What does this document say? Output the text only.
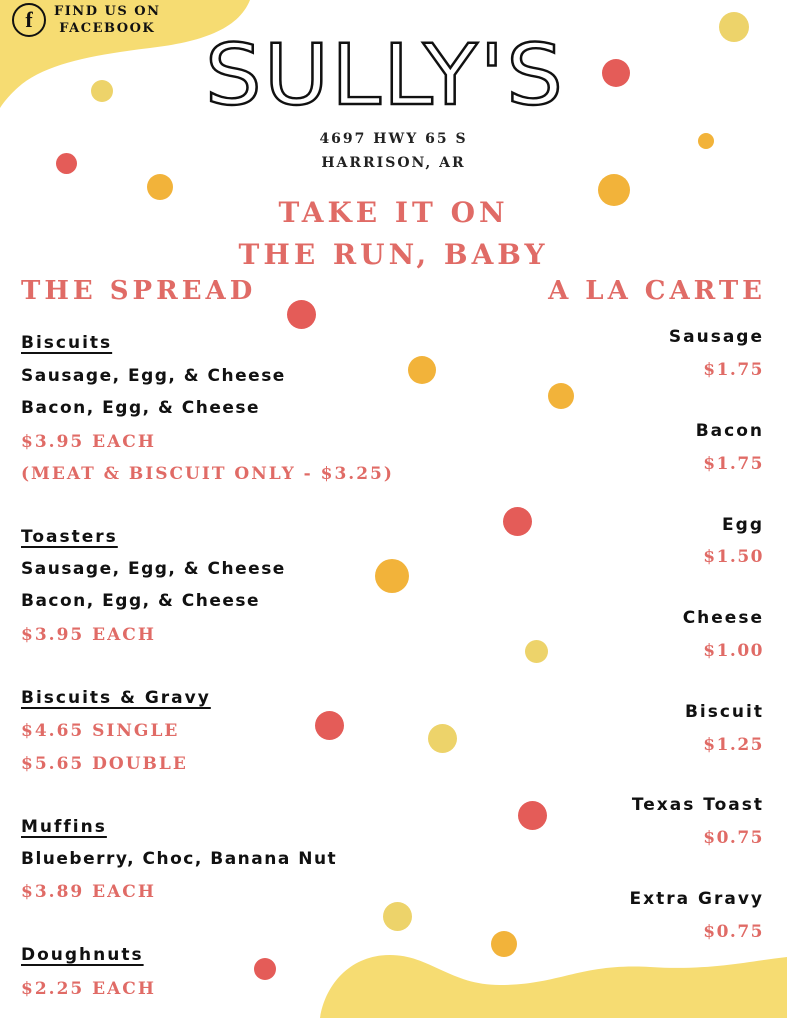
f	FIND US ON
FACEBOOK SULLY'S
4697 HWY 65 S
HARRISON, AR
TAKE IT ON
THE RUN, BABY
THE SPREAD	A LA CARTE
Biscuits
Sausage, Egg, & Cheese
Bacon, Egg, & Cheese
$3.95 EACH
(MEAT & BISCUIT ONLY - $3.25)
Toasters
Sausage, Egg, & Cheese
Bacon, Egg, & Cheese
$3.95 EACH
Biscuits & Gravy
$4.65 SINGLE
$5.65 DOUBLE
Muffins
Blueberry, Choc, Banana Nut
$3.89 EACH
Doughnuts
$2.25 EACH
Sausage
$1.75
Bacon
$1.75
Egg
$1.50
Cheese
$1.00
Biscuit
$1.25
Texas Toast
$0.75
Extra Gravy
$0.75
